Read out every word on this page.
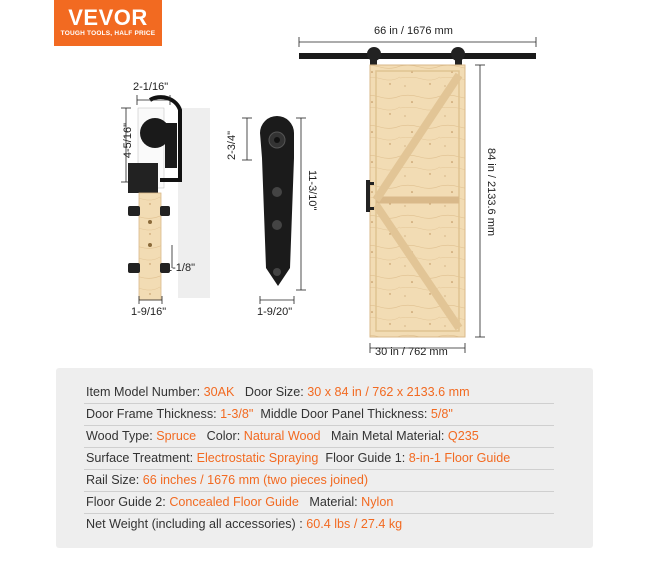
VEVOR
TOUGH TOOLS, HALF PRICE
2-1/16"
4-5/16"
1-1/8"
1-9/16"
2-3/4"
11-3/10"
1-9/20"
66 in / 1676 mm
84 in / 2133.6 mm
30 in / 762 mm
Item Model Number: 30AK Door Size: 30 x 84 in / 762 x 2133.6 mm
Door Frame Thickness: 1-3/8" Middle Door Panel Thickness: 5/8"
Wood Type: Spruce Color: Natural Wood Main Metal Material: Q235
Surface Treatment: Electrostatic Spraying Floor Guide 1: 8-in-1 Floor Guide
Rail Size: 66 inches / 1676 mm (two pieces joined)
Floor Guide 2: Concealed Floor Guide Material: Nylon
Net Weight (including all accessories) : 60.4 lbs / 27.4 kg
